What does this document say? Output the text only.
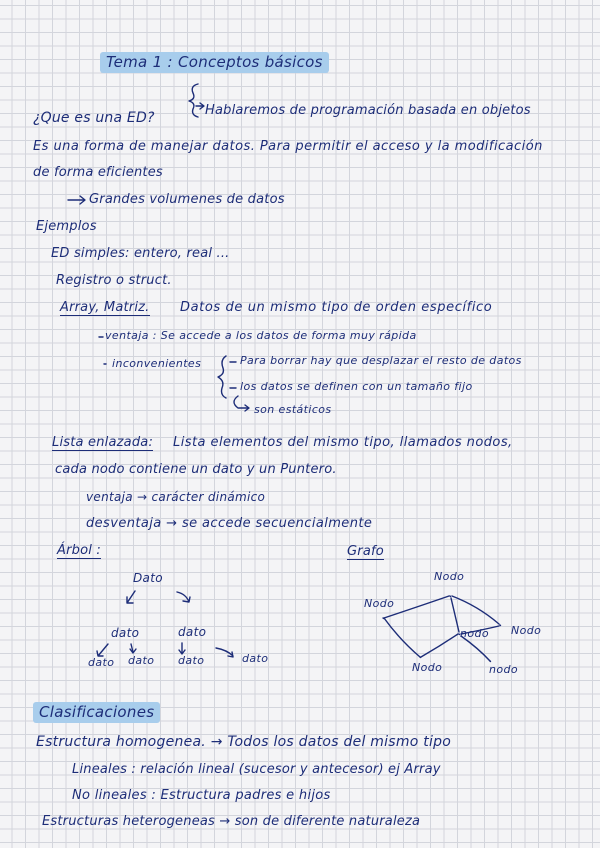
Tema 1 : Conceptos básicos
Hablaremos de programación basada en objetos
¿Que es una ED?
Es una forma de manejar datos. Para permitir el acceso y la modificación
de forma eficientes
Grandes volumenes de datos
Ejemplos
ED simples: entero, real ...
Registro o struct.
Array, Matriz. Datos de un mismo tipo de orden específico
ventaja : Se accede a los datos de forma muy rápida
inconvenientes	Para borrar hay que desplazar el resto de datos
los datos se definen con un tamaño fijo
son estáticos
Lista enlazada: Lista elementos del mismo tipo, llamados nodos,
cada nodo contiene un dato y un Puntero.
ventaja → carácter dinámico
desventaja → se accede secuencialmente
Árbol :	Grafo
Dato
dato	dato
dato dato dato	dato
Nodo
Nodo
nodo Nodo
Nodo	nodo
Clasificaciones
Estructura homogenea. → Todos los datos del mismo tipo
Lineales : relación lineal (sucesor y antecesor) ej Array
No lineales : Estructura padres e hijos
Estructuras heterogeneas → son de diferente naturaleza
